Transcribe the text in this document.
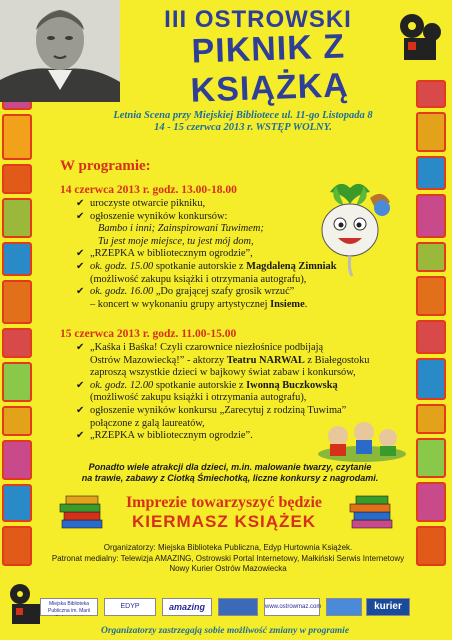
III OSTROWSKI
PIKNIK Z KSIĄŻKĄ
Letnia Scena przy Miejskiej Bibliotece ul. 11-go Listopada 8
14 - 15 czerwca 2013 r. WSTĘP WOLNY.
W programie:
14 czerwca 2013 r. godz. 13.00-18.00
✔ uroczyste otwarcie pikniku,
✔ ogłoszenie wyników konkursów:
Bambo i inni; Zainspirowani Tuwimem;
Tu jest moje miejsce, tu jest mój dom,
✔ „RZEPKA w bibliotecznym ogrodzie”,
✔ ok. godz. 15.00 spotkanie autorskie z Magdaleną Zimniak
(możliwość zakupu książki i otrzymania autografu),
✔ ok. godz. 16.00 „Do grającej szafy grosik wrzuć”
– koncert w wykonaniu grupy artystycznej Insieme.
15 czerwca 2013 r. godz. 11.00-15.00
✔ „Kaśka i Baśka! Czyli czarownice niezłośnice podbijają
Ostrów Mazowiecką!” - aktorzy Teatru NARWAL z Białegostoku
zaproszą wszystkie dzieci w bajkowy świat zabaw i konkursów,
✔ ok. godz. 12.00 spotkanie autorskie z Iwonną Buczkowską
(możliwość zakupu książki i otrzymania autografu),
✔ ogłoszenie wyników konkursu „Zarecytuj z rodziną Tuwima”
połączone z galą laureatów,
✔ „RZEPKA w bibliotecznym ogrodzie”.
Ponadto wiele atrakcji dla dzieci, m.in. malowanie twarzy, czytanie
na trawie, zabawy z Ciotką Śmiechotką, liczne konkursy z nagrodami.
Imprezie towarzyszyć będzie
KIERMASZ KSIĄŻEK
Organizatorzy: Miejska Biblioteka Publiczna, Edyp Hurtownia Książek.
Patronat medialny: Telewizja AMAZING, Ostrowski Portal Internetowy, Małkiński Serwis Internetowy
Nowy Kurier Ostrów Mazowiecka
Miejska Biblioteka Publiczna im. Marii
EDYP	amazing	www.ostrowmaz.com	kurier
Organizatorzy zastrzegają sobie możliwość zmiany w programie
